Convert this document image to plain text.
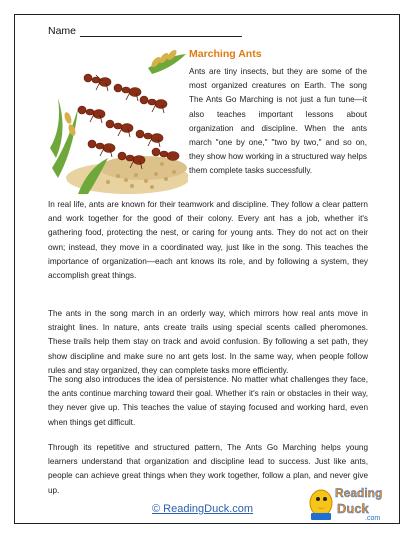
Name
Marching Ants
Ants are tiny insects, but they are some of the most organized creatures on Earth. The song The Ants Go Marching is not just a fun tune—it also teaches important lessons about organization and discipline. When the ants march "one by one," "two by two," and so on, they show how working in a structured way helps them complete tasks successfully.
In real life, ants are known for their teamwork and discipline. They follow a clear pattern and work together for the good of their colony. Every ant has a job, whether it's gathering food, protecting the nest, or caring for young ants. They do not act on their own; instead, they move in a coordinated way, just like in the song. This teaches the importance of organization—each ant knows its role, and by following a system, they accomplish great things.
The ants in the song march in an orderly way, which mirrors how real ants move in straight lines. In nature, ants create trails using special scents called pheromones. These trails help them stay on track and avoid confusion. By following a set path, they show discipline and make sure no ant gets lost. In the same way, when people follow rules and stay organized, they can complete tasks more efficiently.
The song also introduces the idea of persistence. No matter what challenges they face, the ants continue marching toward their goal. Whether it's rain or obstacles in their way, they never give up. This teaches the value of staying focused and working hard, even when things get difficult.
Through its repetitive and structured pattern, The Ants Go Marching helps young learners understand that organization and discipline lead to success. Just like ants, people can achieve great things when they work together, follow a plan, and never give up.
© ReadingDuck.com
Reading
Duck
.com
